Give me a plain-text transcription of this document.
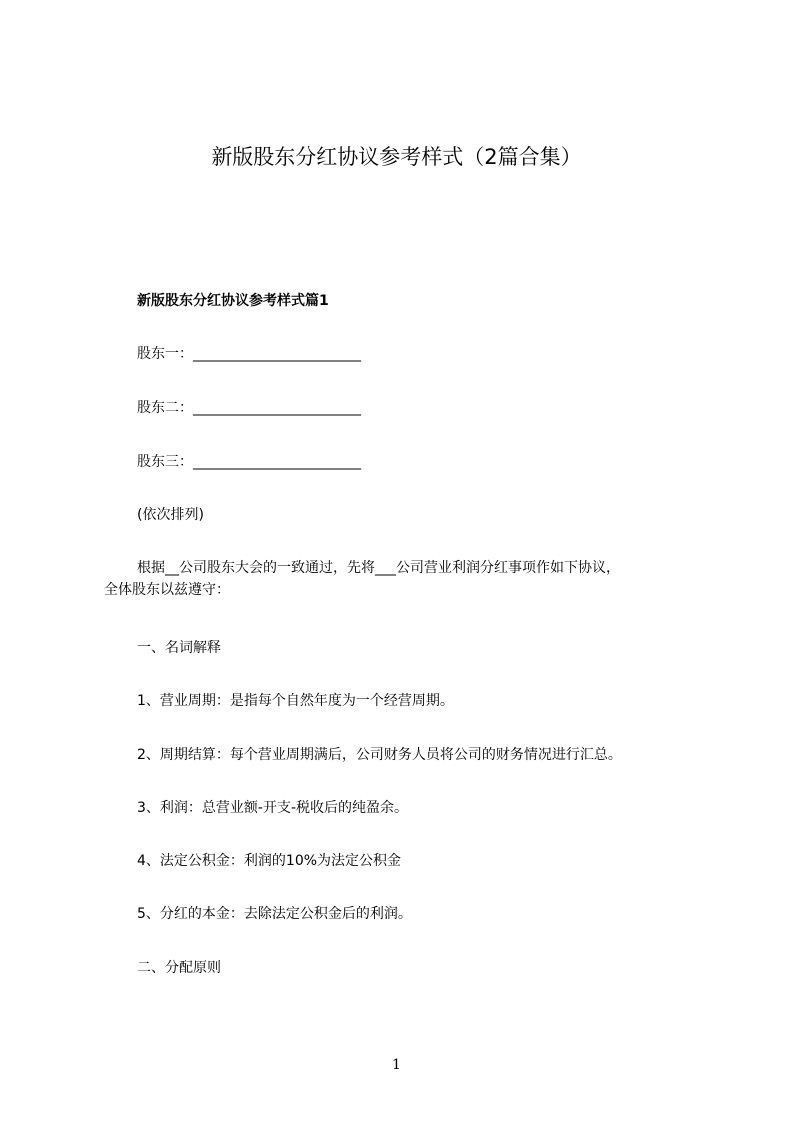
新版股东分红协议参考样式（2篇合集）
新版股东分红协议参考样式篇1
股东一：________________________
股东二：________________________
股东三：________________________
(依次排列)
根据__公司股东大会的一致通过，先将___公司营业利润分红事项作如下协议，
全体股东以兹遵守：
一、名词解释
1、营业周期：是指每个自然年度为一个经营周期。
2、周期结算：每个营业周期满后，公司财务人员将公司的财务情况进行汇总。
3、利润：总营业额-开支-税收后的纯盈余。
4、法定公积金：利润的10%为法定公积金
5、分红的本金：去除法定公积金后的利润。
二、分配原则
1
